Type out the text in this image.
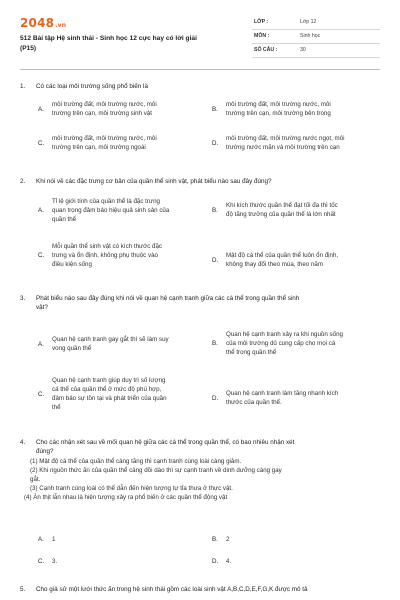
2048.vn
512 Bài tập Hệ sinh thái - Sinh học 12 cực hay có lời giải
(P15)
LỚP :	Lớp 12
MÔN :	Sinh học
SỐ CÂU :	30
1. Có các loại môi trường sống phổ biến là
A.
môi trường đất, môi trường nước, môi
trường trên cạn, môi trường sinh vật
B.
môi trường đất, môi trường nước, môi
trường trên cạn, môi trường bên trong
C.
môi trường đất, môi trường nước, môi
trường trên cạn, môi trường ngoài
D.
môi trường đất, môi trường nước ngọt, môi
trường nước mặn và môi trường trên cạn
2. Khi nói về các đặc trưng cơ bản của quần thể sinh vật, phát biểu nào sau đây đúng?
A.
Tỉ lệ giới tính của quần thể là đặc trưng
quan trọng đảm bảo hiệu quả sinh sản của
quần thể
B.
Khi kích thước quần thể đạt tối đa thì tốc
độ tăng trưởng của quần thể là lớn nhất
C.
Mỗi quần thể sinh vật có kích thước đặc
trưng và ổn định, không phụ thuộc vào
điều kiện sống
D.
Mật độ cá thể của quần thể luôn ổn định,
không thay đổi theo mùa, theo năm
3. Phát biểu nào sau đây đúng khi nói về quan hệ cạnh tranh giữa các cá thể trong quần thể sinh
vật?
A.
Quan hệ cạnh tranh gay gắt thì sẽ làm suy
vong quần thể
B.
Quan hệ cạnh tranh xảy ra khi nguồn sống
của môi trường dủ cung cấp cho mọi cá
thể trong quần thể
C.
Quan hệ cạnh tranh giúp duy trì số lượng
cá thể của quần thể ở mức độ phù hợp,
đảm bảo sự tồn tại và phát triển của quần
thể
D.
Quan hệ cạnh tranh làm tăng nhanh kích
thước của quần thể.
4. Cho các nhận xét sau về mối quan hệ giữa các cá thể trong quần thể, có bao nhiêu nhận xét
đúng?
(1) Mật độ cá thể của quần thể càng tăng thì cạnh tranh cùng loài càng giảm.
(2) Khi nguồn thức ăn của quần thể càng dồi dào thì sự cạnh tranh về dinh dưỡng càng gay
gắt.
(3) Cạnh tranh cùng loài có thể dẫn đến hiện tượng tự tỉa thưa ở thực vật.
(4) Ăn thịt lẫn nhau là hiện tượng xảy ra phổ biến ở các quần thể động vật
A. 1	B. 2
C. 3.	D. 4.
5. Cho giả sử một lưới thức ăn trong hệ sinh thái gồm các loài sinh vật A,B,C,D,E,F,G,K được mô tả
